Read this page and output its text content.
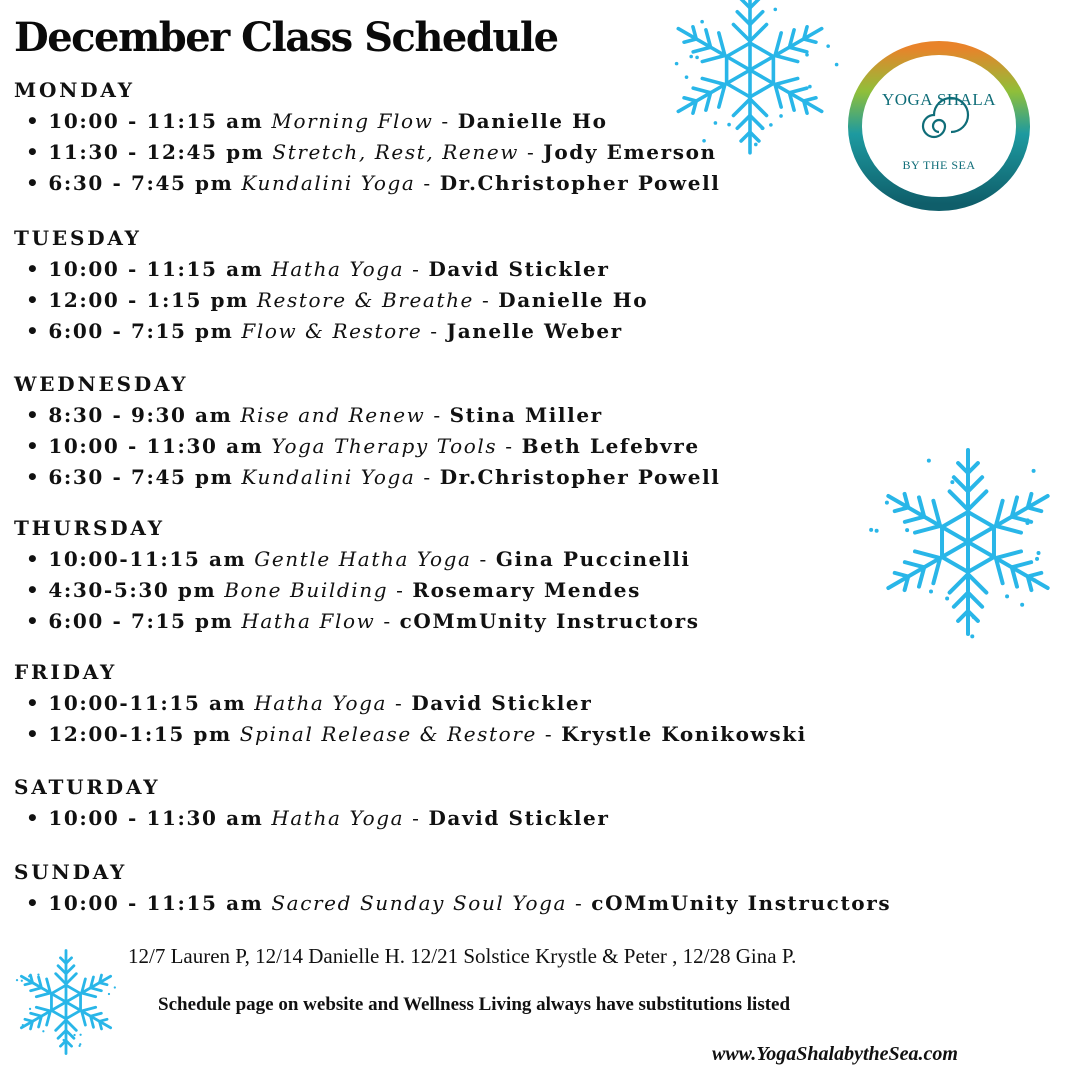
YOGA SHALA
BY THE SEA
December Class Schedule
MONDAY
• 10:00 - 11:15 am Morning Flow - Danielle Ho
• 11:30 - 12:45 pm Stretch, Rest, Renew - Jody Emerson
• 6:30 - 7:45 pm Kundalini Yoga - Dr.Christopher Powell
TUESDAY
• 10:00 - 11:15 am Hatha Yoga - David Stickler
• 12:00 - 1:15 pm Restore & Breathe - Danielle Ho
• 6:00 - 7:15 pm Flow & Restore - Janelle Weber
WEDNESDAY
• 8:30 - 9:30 am Rise and Renew - Stina Miller
• 10:00 - 11:30 am Yoga Therapy Tools - Beth Lefebvre
• 6:30 - 7:45 pm Kundalini Yoga - Dr.Christopher Powell
THURSDAY
• 10:00-11:15 am Gentle Hatha Yoga - Gina Puccinelli
• 4:30-5:30 pm Bone Building - Rosemary Mendes
• 6:00 - 7:15 pm Hatha Flow - cOMmUnity Instructors
FRIDAY
• 10:00-11:15 am Hatha Yoga - David Stickler
• 12:00-1:15 pm Spinal Release & Restore - Krystle Konikowski
SATURDAY
• 10:00 - 11:30 am Hatha Yoga - David Stickler
SUNDAY
• 10:00 - 11:15 am Sacred Sunday Soul Yoga - cOMmUnity Instructors
12/7 Lauren P, 12/14 Danielle H. 12/21 Solstice Krystle & Peter , 12/28 Gina P.
Schedule page on website and Wellness Living always have substitutions listed
www.YogaShalabytheSea.com
